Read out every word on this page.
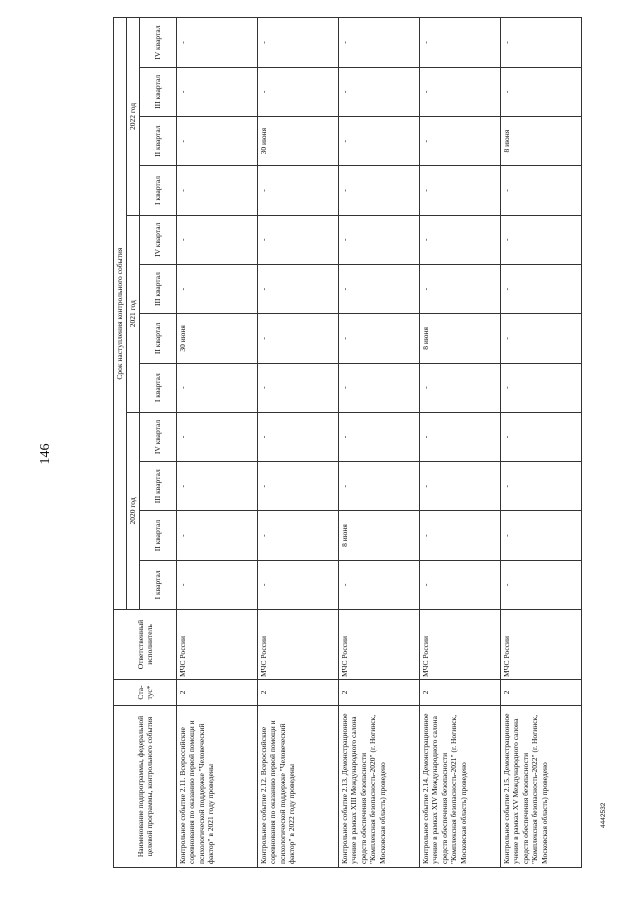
146
Наименование подпрограммы, федеральной целевой программы, контрольного события	Ста-тус*	Ответственный исполнитель	Срок наступления контрольного события											
			2020 год				2021 год				2022 год			
			I квартал	II квартал	III квартал	IV квартал	I квартал	II квартал	III квартал	IV квартал	I квартал	II квартал	III квартал	IV квартал
Контрольное событие 2.11. Всероссийские соревнования по оказанию первой помощи и психологической поддержке "Человеческий фактор" в 2021 году проведены	2	МЧС России	-	-	-	-	-	30 июня	-	-	-	-	-	-
Контрольное событие 2.12. Всероссийские соревнования по оказанию первой помощи и психологической поддержке "Человеческий фактор" в 2022 году проведены	2	МЧС России	-	-	-	-	-	-	-	-	-	30 июня	-	-
Контрольное событие 2.13. Демонстрационное учение в рамках XIII Международного салона средств обеспечения безопасности "Комплексная безопасность-2020" (г. Ногинск, Московская область) проведено	2	МЧС России	-	8 июня	-	-	-	-	-	-	-	-	-	-
Контрольное событие 2.14. Демонстрационное учение в рамках XIV Международного салона средств обеспечения безопасности "Комплексная безопасность-2021" (г. Ногинск, Московская область) проведено	2	МЧС России	-	-	-	-	-	8 июня	-	-	-	-	-	-
Контрольное событие 2.15. Демонстрационное учение в рамках XV Международного салона средств обеспечения безопасности "Комплексная безопасность-2022" (г. Ногинск, Московская область) проведено	2	МЧС России	-	-	-	-	-	-	-	-	-	8 июня	-	-
4442532
